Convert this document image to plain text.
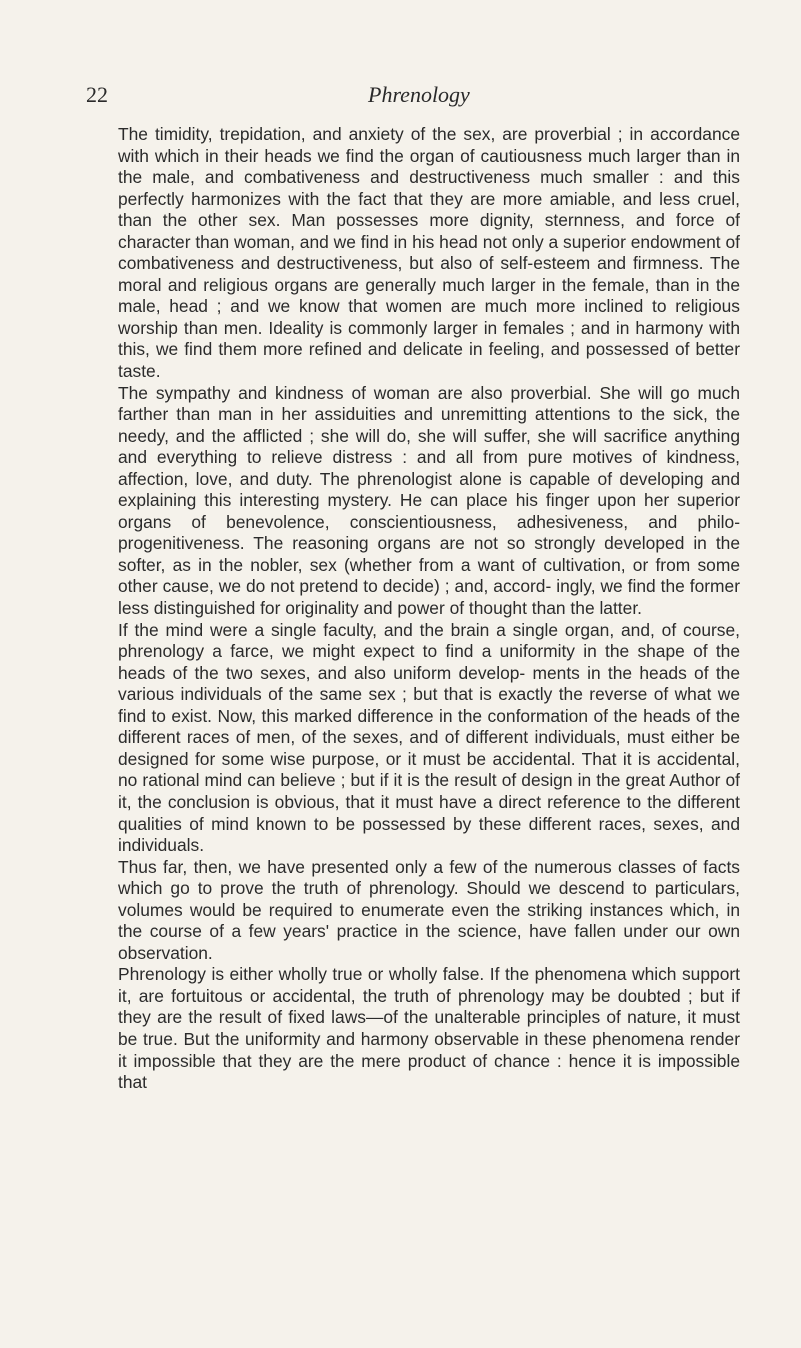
22	Phrenology

The timidity, trepidation, and anxiety of the sex, are proverbial ; in accordance with which in their heads we find the organ of cautiousness much larger than in the male, and combativeness and destructiveness much smaller : and this perfectly harmonizes with the fact that they are more amiable, and less cruel, than the other sex. Man possesses more dignity, sternness, and force of character than woman, and we find in his head not only a superior endowment of combativeness and destructiveness, but also of self-esteem and firmness. The moral and religious organs are generally much larger in the female, than in the male, head ; and we know that women are much more inclined to religious worship than men. Ideality is commonly larger in females ; and in harmony with this, we find them more refined and delicate in feeling, and possessed of better taste.

The sympathy and kindness of woman are also proverbial. She will go much farther than man in her assiduities and unremitting attentions to the sick, the needy, and the afflicted ; she will do, she will suffer, she will sacrifice anything and everything to relieve distress : and all from pure motives of kindness, affection, love, and duty. The phrenologist alone is capable of developing and explaining this interesting mystery. He can place his finger upon her superior organs of benevolence, conscientiousness, adhesiveness, and philo- progenitiveness. The reasoning organs are not so strongly developed in the softer, as in the nobler, sex (whether from a want of cultivation, or from some other cause, we do not pretend to decide) ; and, accord- ingly, we find the former less distinguished for originality and power of thought than the latter.

If the mind were a single faculty, and the brain a single organ, and, of course, phrenology a farce, we might expect to find a uniformity in the shape of the heads of the two sexes, and also uniform develop- ments in the heads of the various individuals of the same sex ; but that is exactly the reverse of what we find to exist. Now, this marked difference in the conformation of the heads of the different races of men, of the sexes, and of different individuals, must either be designed for some wise purpose, or it must be accidental. That it is accidental, no rational mind can believe ; but if it is the result of design in the great Author of it, the conclusion is obvious, that it must have a direct reference to the different qualities of mind known to be possessed by these different races, sexes, and individuals.

Thus far, then, we have presented only a few of the numerous classes of facts which go to prove the truth of phrenology. Should we descend to particulars, volumes would be required to enumerate even the striking instances which, in the course of a few years' practice in the science, have fallen under our own observation.

Phrenology is either wholly true or wholly false. If the phenomena which support it, are fortuitous or accidental, the truth of phrenology may be doubted ; but if they are the result of fixed laws—of the unalterable principles of nature, it must be true. But the uniformity and harmony observable in these phenomena render it impossible that they are the mere product of chance : hence it is impossible that
